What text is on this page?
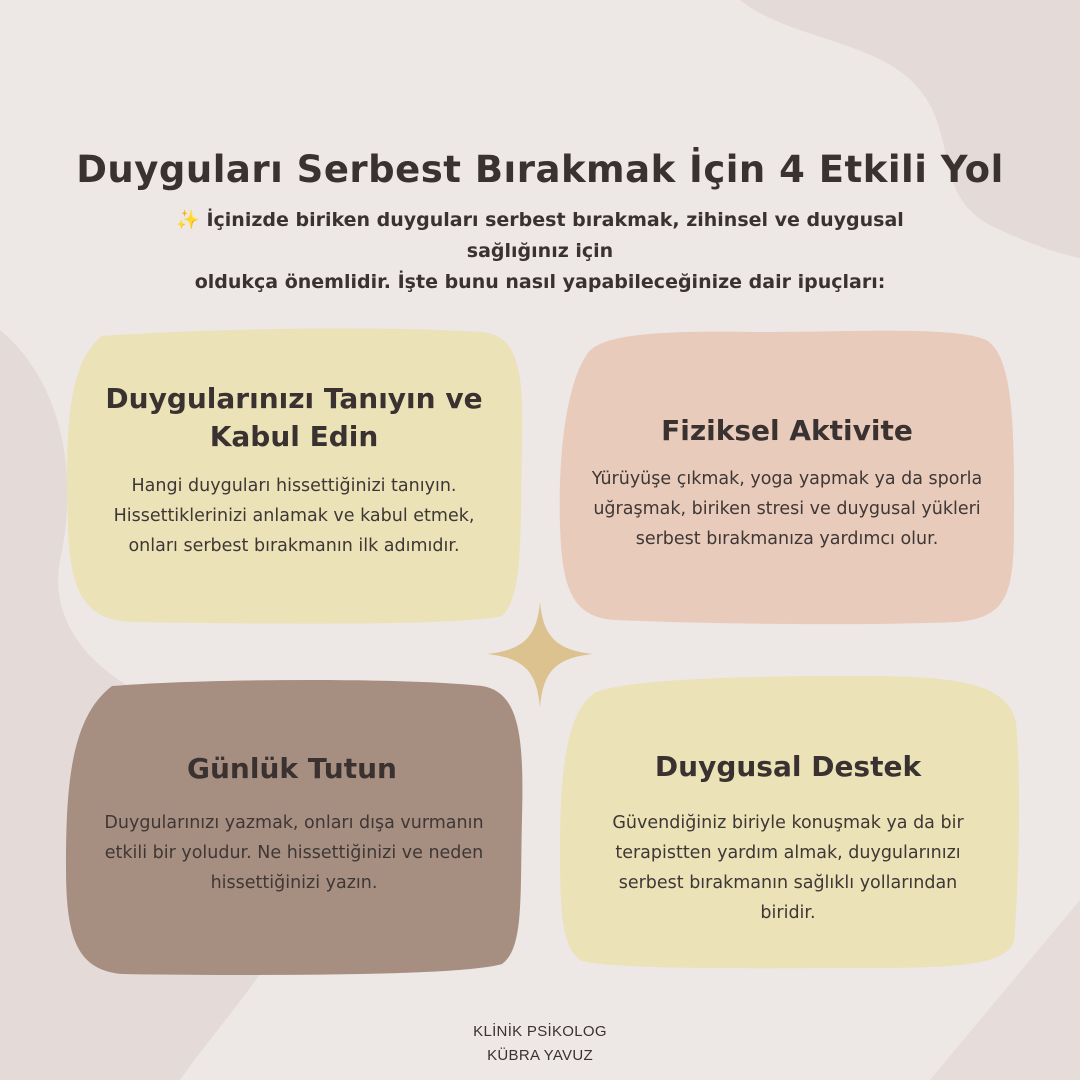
Duyguları Serbest Bırakmak İçin 4 Etkili Yol
✨ İçinizde biriken duyguları serbest bırakmak, zihinsel ve duygusal sağlığınız için
oldukça önemlidir. İşte bunu nasıl yapabileceğinize dair ipuçları:
Duygularınızı Tanıyın ve
Kabul Edin
Hangi duyguları hissettiğinizi tanıyın.
Hissettiklerinizi anlamak ve kabul etmek,
onları serbest bırakmanın ilk adımıdır.
Fiziksel Aktivite
Yürüyüşe çıkmak, yoga yapmak ya da sporla
uğraşmak, biriken stresi ve duygusal yükleri
serbest bırakmanıza yardımcı olur.
Günlük Tutun
Duygularınızı yazmak, onları dışa vurmanın
etkili bir yoludur. Ne hissettiğinizi ve neden
hissettiğinizi yazın.
Duygusal Destek
Güvendiğiniz biriyle konuşmak ya da bir
terapistten yardım almak, duygularınızı
serbest bırakmanın sağlıklı yollarından
biridir.
KLİNİK PSİKOLOG
KÜBRA YAVUZ
